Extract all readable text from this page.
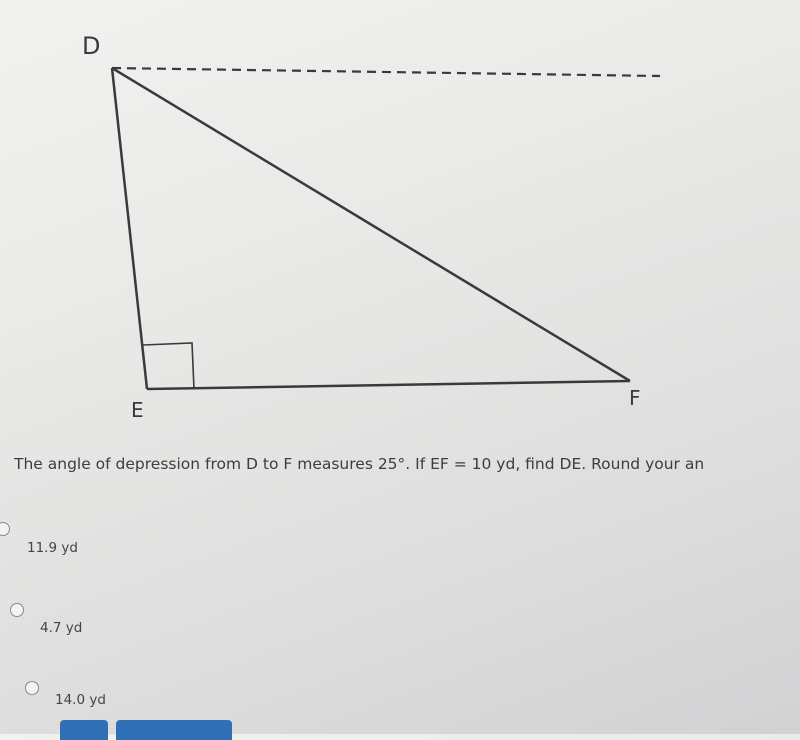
D
E	F
The angle of depression from D to F measures 25°. If EF = 10 yd, find DE. Round your an
11.9 yd
4.7 yd
14.0 yd
